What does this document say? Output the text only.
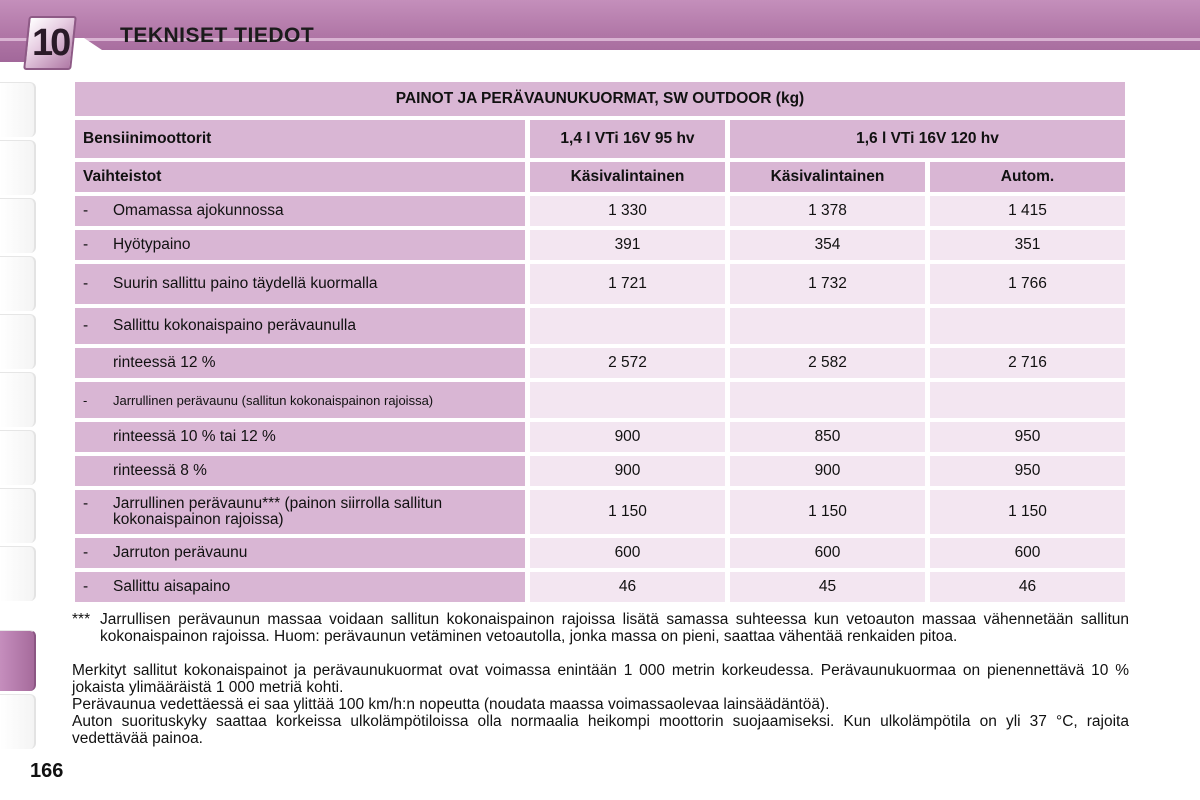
10 TEKNISET TIEDOT
PAINOT JA PERÄVAUNUKUORMAT, SW OUTDOOR (kg)			
Bensiinimoottorit	1,4 l VTi 16V 95 hv	1,6 l VTi 16V 120 hv	
Vaihteistot	Käsivalintainen	Käsivalintainen	Autom.
- Omamassa ajokunnossa	1 330	1 378	1 415
- Hyötypaino	391	354	351
- Suurin sallittu paino täydellä kuormalla	1 721	1 732	1 766
- Sallittu kokonaispaino perävaunulla			
rinteessä 12 %	2 572	2 582	2 716
- Jarrullinen perävaunu (sallitun kokonaispainon rajoissa)			
rinteessä 10 % tai 12 %	900	850	950
rinteessä 8 %	900	900	950

- Jarrullinen perävaunu*** (painon siirrolla sallitun kokonaispainon rajoissa)	1 150	1 150	1 150
- Jarruton perävaunu	600	600	600
- Sallittu aisapaino	46	45	46
*** Jarrullisen perävaunun massaa voidaan sallitun kokonaispainon rajoissa lisätä samassa suhteessa kun vetoauton massaa vähennetään sallitun kokonaispainon rajoissa. Huom: perävaunun vetäminen vetoautolla, jonka massa on pieni, saattaa vähentää renkaiden pitoa.
Merkityt sallitut kokonaispainot ja perävaunukuormat ovat voimassa enintään 1 000 metrin korkeudessa. Perävaunukuormaa on pienennettävä 10 % jokaista ylimääräistä 1 000 metriä kohti.
Perävaunua vedettäessä ei saa ylittää 100 km/h:n nopeutta (noudata maassa voimassaolevaa lainsäädäntöä).
Auton suorituskyky saattaa korkeissa ulkolämpötiloissa olla normaalia heikompi moottorin suojaamiseksi. Kun ulkolämpötila on yli 37 °C, rajoita vedettävää painoa.
166
